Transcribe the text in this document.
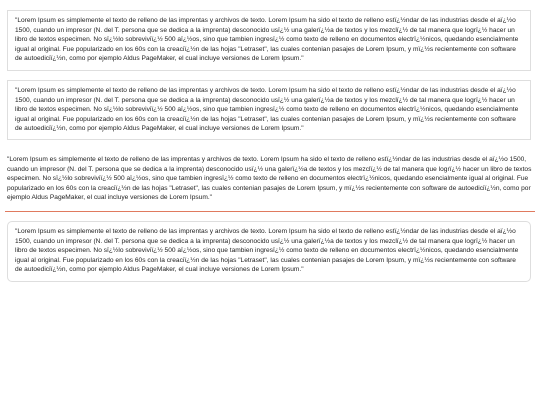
"Lorem Ipsum es simplemente el texto de relleno de las imprentas y archivos de texto. Lorem Ipsum ha sido el texto de relleno estï¿½ndar de las industrias desde el aï¿½o 1500, cuando un impresor (N. del T. persona que se dedica a la imprenta) desconocido usï¿½ una galerï¿½a de textos y los mezclï¿½ de tal manera que logrï¿½ hacer un libro de textos especimen. No sï¿½lo sobreviviï¿½ 500 aï¿½os, sino que tambien ingresï¿½ como texto de relleno en documentos electrï¿½nicos, quedando esencialmente igual al original. Fue popularizado en los 60s con la creaciï¿½n de las hojas "Letraset", las cuales contenian pasajes de Lorem Ipsum, y mï¿½s recientemente con software de autoediciï¿½n, como por ejemplo Aldus PageMaker, el cual incluye versiones de Lorem Ipsum."

"Lorem Ipsum es simplemente el texto de relleno de las imprentas y archivos de texto. Lorem Ipsum ha sido el texto de relleno estï¿½ndar de las industrias desde el aï¿½o 1500, cuando un impresor (N. del T. persona que se dedica a la imprenta) desconocido usï¿½ una galerï¿½a de textos y los mezclï¿½ de tal manera que logrï¿½ hacer un libro de textos especimen. No sï¿½lo sobreviviï¿½ 500 aï¿½os, sino que tambien ingresï¿½ como texto de relleno en documentos electrï¿½nicos, quedando esencialmente igual al original. Fue popularizado en los 60s con la creaciï¿½n de las hojas "Letraset", las cuales contenian pasajes de Lorem Ipsum, y mï¿½s recientemente con software de autoediciï¿½n, como por ejemplo Aldus PageMaker, el cual incluye versiones de Lorem Ipsum."

"Lorem Ipsum es simplemente el texto de relleno de las imprentas y archivos de texto. Lorem Ipsum ha sido el texto de relleno estï¿½ndar de las industrias desde el aï¿½o 1500, cuando un impresor (N. del T. persona que se dedica a la imprenta) desconocido usï¿½ una galerï¿½a de textos y los mezclï¿½ de tal manera que logrï¿½ hacer un libro de textos especimen. No sï¿½lo sobreviviï¿½ 500 aï¿½os, sino que tambien ingresï¿½ como texto de relleno en documentos electrï¿½nicos, quedando esencialmente igual al original. Fue popularizado en los 60s con la creaciï¿½n de las hojas "Letraset", las cuales contenian pasajes de Lorem Ipsum, y mï¿½s recientemente con software de autoediciï¿½n, como por ejemplo Aldus PageMaker, el cual incluye versiones de Lorem Ipsum."

"Lorem Ipsum es simplemente el texto de relleno de las imprentas y archivos de texto. Lorem Ipsum ha sido el texto de relleno estï¿½ndar de las industrias desde el aï¿½o 1500, cuando un impresor (N. del T. persona que se dedica a la imprenta) desconocido usï¿½ una galerï¿½a de textos y los mezclï¿½ de tal manera que logrï¿½ hacer un libro de textos especimen. No sï¿½lo sobreviviï¿½ 500 aï¿½os, sino que tambien ingresï¿½ como texto de relleno en documentos electrï¿½nicos, quedando esencialmente igual al original. Fue popularizado en los 60s con la creaciï¿½n de las hojas "Letraset", las cuales contenian pasajes de Lorem Ipsum, y mï¿½s recientemente con software de autoediciï¿½n, como por ejemplo Aldus PageMaker, el cual incluye versiones de Lorem Ipsum."
